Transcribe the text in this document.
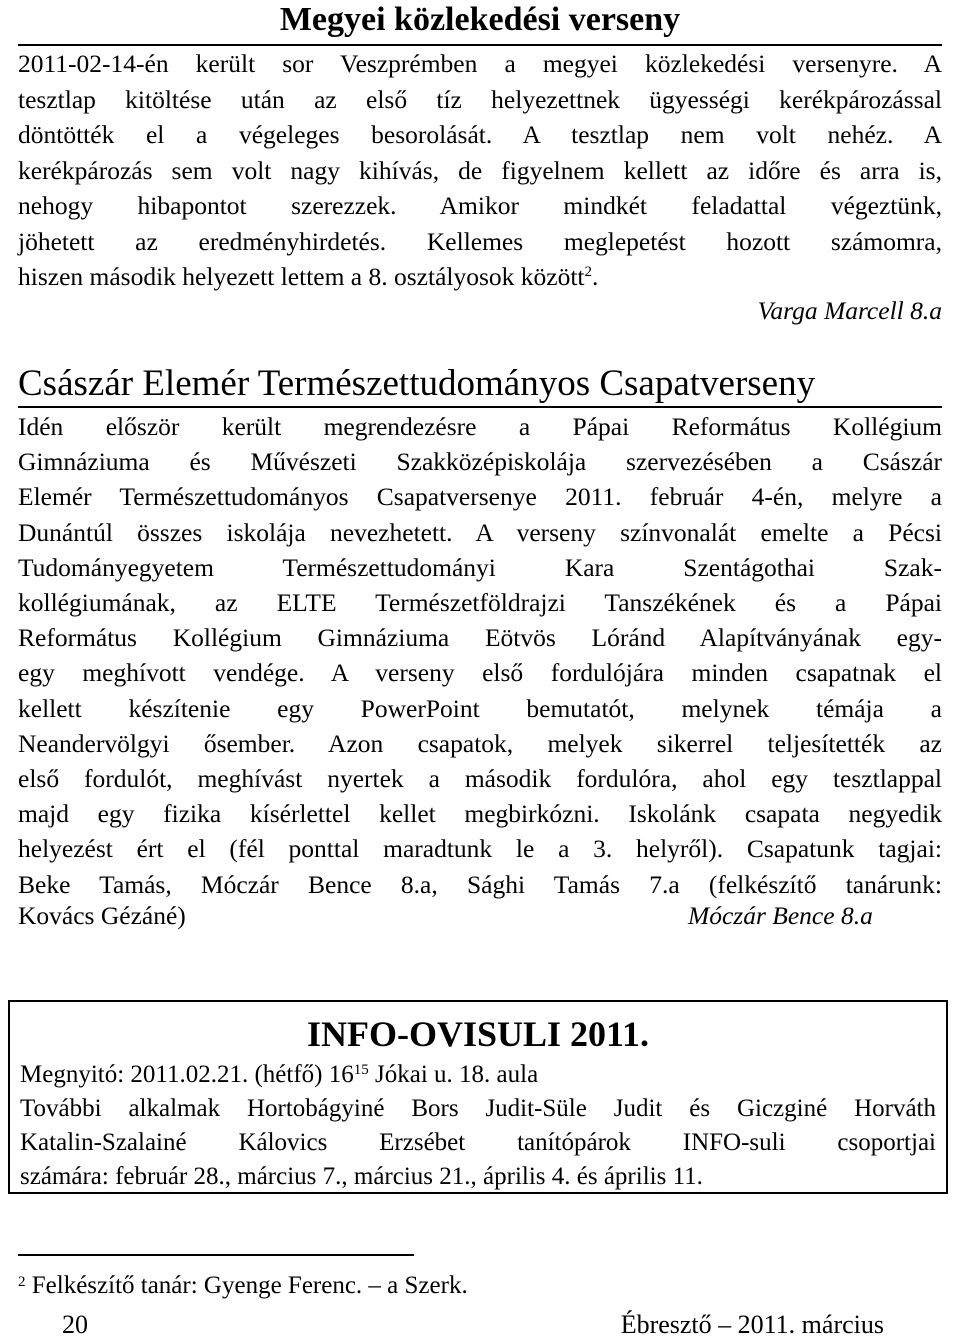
Megyei közlekedési verseny
2011-02-14-én került sor Veszprémben a megyei közlekedési versenyre. A
tesztlap kitöltése után az első tíz helyezettnek ügyességi kerékpározással
döntötték el a végeleges besorolását. A tesztlap nem volt nehéz. A
kerékpározás sem volt nagy kihívás, de figyelnem kellett az időre és arra is,
nehogy hibapontot szerezzek. Amikor mindkét feladattal végeztünk,
jöhetett az eredményhirdetés. Kellemes meglepetést hozott számomra,
hiszen második helyezett lettem a 8. osztályosok között$^2$.
Varga Marcell 8.a
Császár Elemér Természettudományos Csapatverseny
Idén először került megrendezésre a Pápai Református Kollégium
Gimnáziuma és Művészeti Szakközépiskolája szervezésében a Császár
Elemér Természettudományos Csapatversenye 2011. február 4-én, melyre a
Dunántúl összes iskolája nevezhetett. A verseny színvonalát emelte a Pécsi
Tudományegyetem Természettudományi Kara Szentágothai Szak-
kollégiumának, az ELTE Természetföldrajzi Tanszékének és a Pápai
Református Kollégium Gimnáziuma Eötvös Lóránd Alapítványának egy-
egy meghívott vendége. A verseny első fordulójára minden csapatnak el
kellett készítenie egy PowerPoint bemutatót, melynek témája a
Neandervölgyi ősember. Azon csapatok, melyek sikerrel teljesítették az
első fordulót, meghívást nyertek a második fordulóra, ahol egy tesztlappal
majd egy fizika kísérlettel kellet megbirkózni. Iskolánk csapata negyedik
helyezést ért el (fél ponttal maradtunk le a 3. helyről). Csapatunk tagjai:
Beke Tamás, Móczár Bence 8.a, Sághi Tamás 7.a (felkészítő tanárunk:
Kovács Gézáné)	Móczár Bence 8.a
INFO-OVISULI 2011.
Megnyitó: 2011.02.21. (hétfő) $16^{15}$ Jókai u. 18. aula
További alkalmak Hortobágyiné Bors Judit-Süle Judit és Giczginé Horváth
Katalin-Szalainé Kálovics Erzsébet tanítópárok INFO-suli csoportjai
számára: február 28., március 7., március 21., április 4. és április 11.
$^2$ Felkészítő tanár: Gyenge Ferenc. – a Szerk.
20	Ébresztő – 2011. március
